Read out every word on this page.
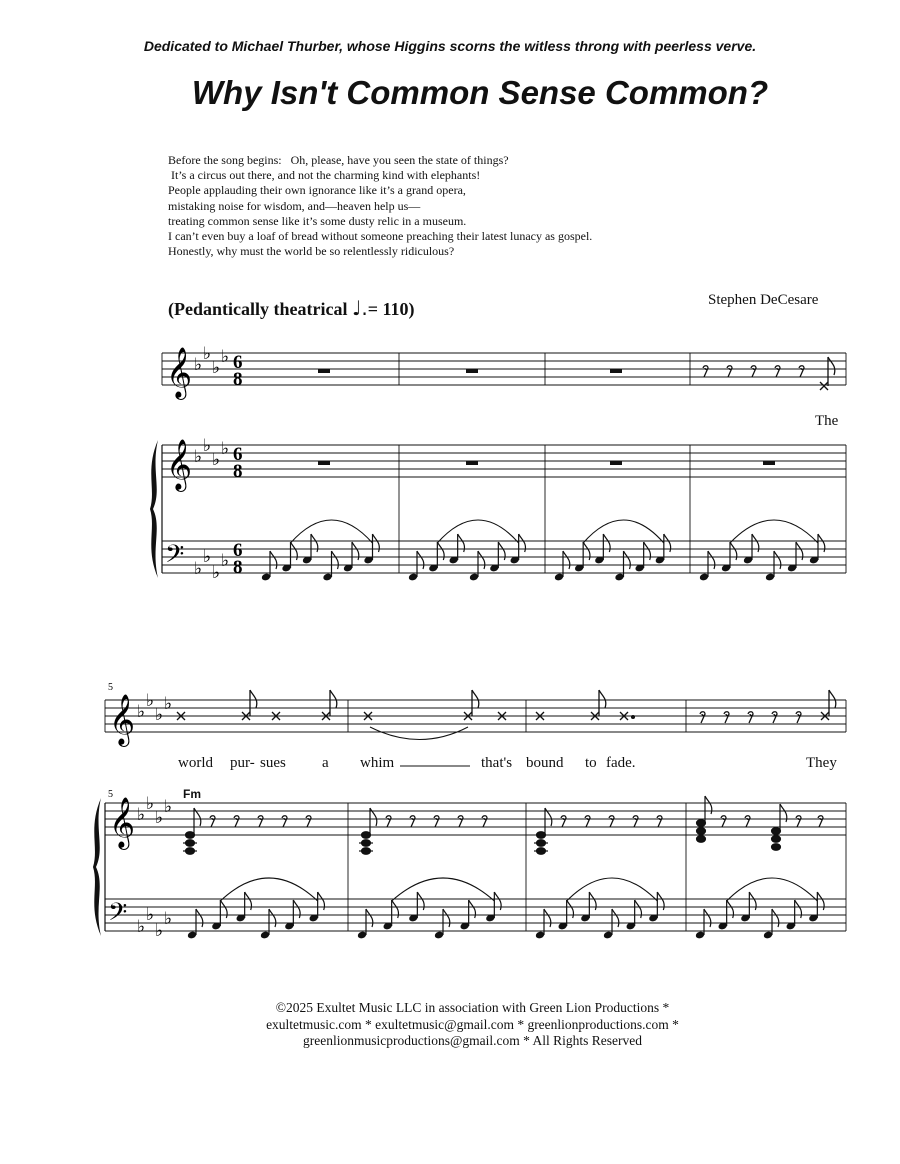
Dedicated to Michael Thurber, whose Higgins scorns the witless throng with peerless verve.
Why Isn't Common Sense Common?
Before the song begins:   Oh, please, have you seen the state of things?
It’s a circus out there, and not the charming kind with elephants!
People applauding their own ignorance like it’s a grand opera,
mistaking noise for wisdom, and—heaven help us—
treating common sense like it’s some dusty relic in a museum.
I can’t even buy a loaf of bread without someone preaching their latest lunacy as gospel.
Honestly, why must the world be so relentlessly ridiculous?
(Pedantically theatrical ♩.= 110)	Stephen DeCesare
𝄞
𝄞
𝄢
♭
♭
♭
♭
♭
♭
♭
♭
♭
♭
♭
♭
6
8
6
8
6
8
𝄞
𝄞
𝄢
♭
♭
♭
♭
♭
♭
♭
♭
♭
♭
♭
♭
5
5
The
Fm
world pur- sues a whim	that's bound to fade.	They
©2025 Exultet Music LLC in association with Green Lion Productions *
exultetmusic.com * exultetmusic@gmail.com * greenlionproductions.com *
greenlionmusicproductions@gmail.com * All Rights Reserved
